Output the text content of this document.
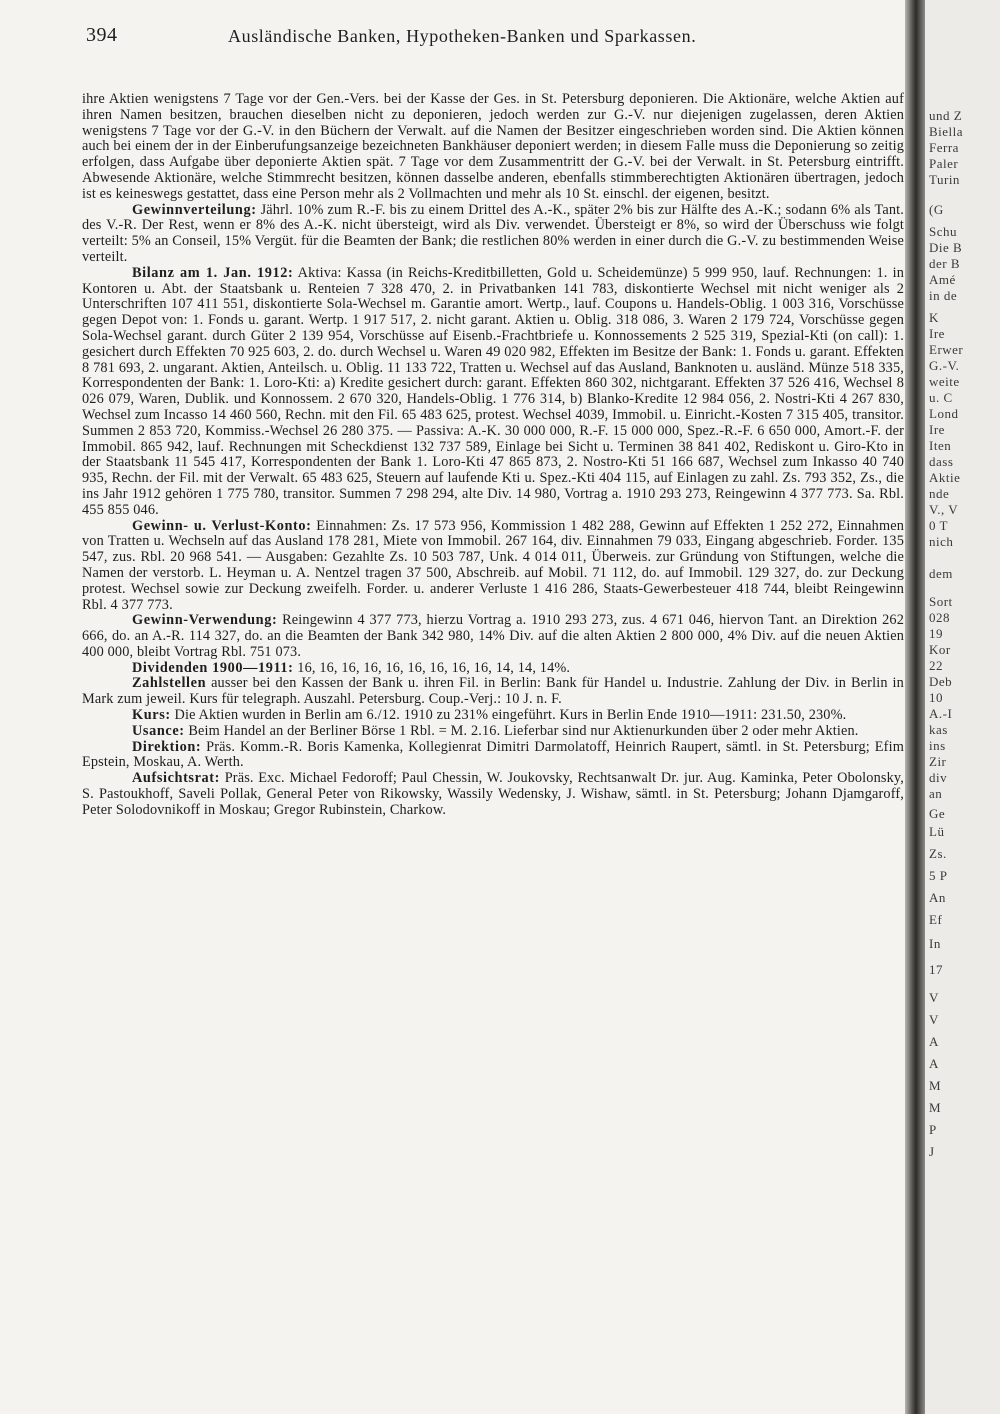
394	Ausländische Banken, Hypotheken-Banken und Sparkassen.

ihre Aktien wenigstens 7 Tage vor der Gen.-Vers. bei der Kasse der Ges. in St. Petersburg deponieren. Die Aktionäre, welche Aktien auf ihren Namen besitzen, brauchen dieselben nicht zu deponieren, jedoch werden zur G.-V. nur diejenigen zugelassen, deren Aktien wenigstens 7 Tage vor der G.-V. in den Büchern der Verwalt. auf die Namen der Besitzer eingeschrieben worden sind. Die Aktien können auch bei einem der in der Einberufungsanzeige bezeichneten Bankhäuser deponiert werden; in diesem Falle muss die Deponierung so zeitig erfolgen, dass Aufgabe über deponierte Aktien spät. 7 Tage vor dem Zusammentritt der G.-V. bei der Verwalt. in St. Petersburg eintrifft. Abwesende Aktionäre, welche Stimmrecht besitzen, können dasselbe anderen, ebenfalls stimmberechtigten Aktionären übertragen, jedoch ist es keineswegs gestattet, dass eine Person mehr als 2 Vollmachten und mehr als 10 St. einschl. der eigenen, besitzt.

Gewinnverteilung: Jährl. 10% zum R.-F. bis zu einem Drittel des A.-K., später 2% bis zur Hälfte des A.-K.; sodann 6% als Tant. des V.-R. Der Rest, wenn er 8% des A.-K. nicht übersteigt, wird als Div. verwendet. Übersteigt er 8%, so wird der Überschuss wie folgt verteilt: 5% an Conseil, 15% Vergüt. für die Beamten der Bank; die restlichen 80% werden in einer durch die G.-V. zu bestimmenden Weise verteilt.

Bilanz am 1. Jan. 1912: Aktiva: Kassa (in Reichs-Kreditbilletten, Gold u. Scheidemünze) 5 999 950, lauf. Rechnungen: 1. in Kontoren u. Abt. der Staatsbank u. Renteien 7 328 470, 2. in Privatbanken 141 783, diskontierte Wechsel mit nicht weniger als 2 Unterschriften 107 411 551, diskontierte Sola-Wechsel m. Garantie amort. Wertp., lauf. Coupons u. Handels-Oblig. 1 003 316, Vorschüsse gegen Depot von: 1. Fonds u. garant. Wertp. 1 917 517, 2. nicht garant. Aktien u. Oblig. 318 086, 3. Waren 2 179 724, Vorschüsse gegen Sola-Wechsel garant. durch Güter 2 139 954, Vorschüsse auf Eisenb.-Frachtbriefe u. Konnossements 2 525 319, Spezial-Kti (on call): 1. gesichert durch Effekten 70 925 603, 2. do. durch Wechsel u. Waren 49 020 982, Effekten im Besitze der Bank: 1. Fonds u. garant. Effekten 8 781 693, 2. ungarant. Aktien, Anteilsch. u. Oblig. 11 133 722, Tratten u. Wechsel auf das Ausland, Banknoten u. ausländ. Münze 518 335, Korrespondenten der Bank: 1. Loro-Kti: a) Kredite gesichert durch: garant. Effekten 860 302, nichtgarant. Effekten 37 526 416, Wechsel 8 026 079, Waren, Dublik. und Konnossem. 2 670 320, Handels-Oblig. 1 776 314, b) Blanko-Kredite 12 984 056, 2. Nostri-Kti 4 267 830, Wechsel zum Incasso 14 460 560, Rechn. mit den Fil. 65 483 625, protest. Wechsel 4039, Immobil. u. Einricht.-Kosten 7 315 405, transitor. Summen 2 853 720, Kommiss.-Wechsel 26 280 375. — Passiva: A.-K. 30 000 000, R.-F. 15 000 000, Spez.-R.-F. 6 650 000, Amort.-F. der Immobil. 865 942, lauf. Rechnungen mit Scheckdienst 132 737 589, Einlage bei Sicht u. Terminen 38 841 402, Rediskont u. Giro-Kto in der Staatsbank 11 545 417, Korrespondenten der Bank 1. Loro-Kti 47 865 873, 2. Nostro-Kti 51 166 687, Wechsel zum Inkasso 40 740 935, Rechn. der Fil. mit der Verwalt. 65 483 625, Steuern auf laufende Kti u. Spez.-Kti 404 115, auf Einlagen zu zahl. Zs. 793 352, Zs., die ins Jahr 1912 gehören 1 775 780, transitor. Summen 7 298 294, alte Div. 14 980, Vortrag a. 1910 293 273, Reingewinn 4 377 773. Sa. Rbl. 455 855 046.

Gewinn- u. Verlust-Konto: Einnahmen: Zs. 17 573 956, Kommission 1 482 288, Gewinn auf Effekten 1 252 272, Einnahmen von Tratten u. Wechseln auf das Ausland 178 281, Miete von Immobil. 267 164, div. Einnahmen 79 033, Eingang abgeschrieb. Forder. 135 547, zus. Rbl. 20 968 541. — Ausgaben: Gezahlte Zs. 10 503 787, Unk. 4 014 011, Überweis. zur Gründung von Stiftungen, welche die Namen der verstorb. L. Heyman u. A. Nentzel tragen 37 500, Abschreib. auf Mobil. 71 112, do. auf Immobil. 129 327, do. zur Deckung protest. Wechsel sowie zur Deckung zweifelh. Forder. u. anderer Verluste 1 416 286, Staats-Gewerbesteuer 418 744, bleibt Reingewinn Rbl. 4 377 773.

Gewinn-Verwendung: Reingewinn 4 377 773, hierzu Vortrag a. 1910 293 273, zus. 4 671 046, hiervon Tant. an Direktion 262 666, do. an A.-R. 114 327, do. an die Beamten der Bank 342 980, 14% Div. auf die alten Aktien 2 800 000, 4% Div. auf die neuen Aktien 400 000, bleibt Vortrag Rbl. 751 073.

Dividenden 1900—1911: 16, 16, 16, 16, 16, 16, 16, 16, 16, 14, 14, 14%.

Zahlstellen ausser bei den Kassen der Bank u. ihren Fil. in Berlin: Bank für Handel u. Industrie. Zahlung der Div. in Berlin in Mark zum jeweil. Kurs für telegraph. Auszahl. Petersburg. Coup.-Verj.: 10 J. n. F.

Kurs: Die Aktien wurden in Berlin am 6./12. 1910 zu 231% eingeführt. Kurs in Berlin Ende 1910—1911: 231.50, 230%.

Usance: Beim Handel an der Berliner Börse 1 Rbl. = M. 2.16. Lieferbar sind nur Aktienurkunden über 2 oder mehr Aktien.

Direktion: Präs. Komm.-R. Boris Kamenka, Kollegienrat Dimitri Darmolatoff, Heinrich Raupert, sämtl. in St. Petersburg; Efim Epstein, Moskau, A. Werth.

Aufsichtsrat: Präs. Exc. Michael Fedoroff; Paul Chessin, W. Joukovsky, Rechtsanwalt Dr. jur. Aug. Kaminka, Peter Obolonsky, S. Pastoukhoff, Saveli Pollak, General Peter von Rikowsky, Wassily Wedensky, J. Wishaw, sämtl. in St. Petersburg; Johann Djamgaroff, Peter Solodovnikoff in Moskau; Gregor Rubinstein, Charkow.

und Z
Biella
Ferra
Paler
Turin
(G
Schu
Die B
der B
Amé
in de
K
Ire
Erwer
G.-V.
weite
u. C
Lond
Ire
Iten
dass
Aktie
nde
V., V
0 T
nich
dem
Sort
028
19
Kor
22
Deb
10
A.-I
kas
ins
Zir
div
an
Ge
Lü
Zs.
5 P
An
Ef
In
17
V
V
A
A
M
M
P
J
